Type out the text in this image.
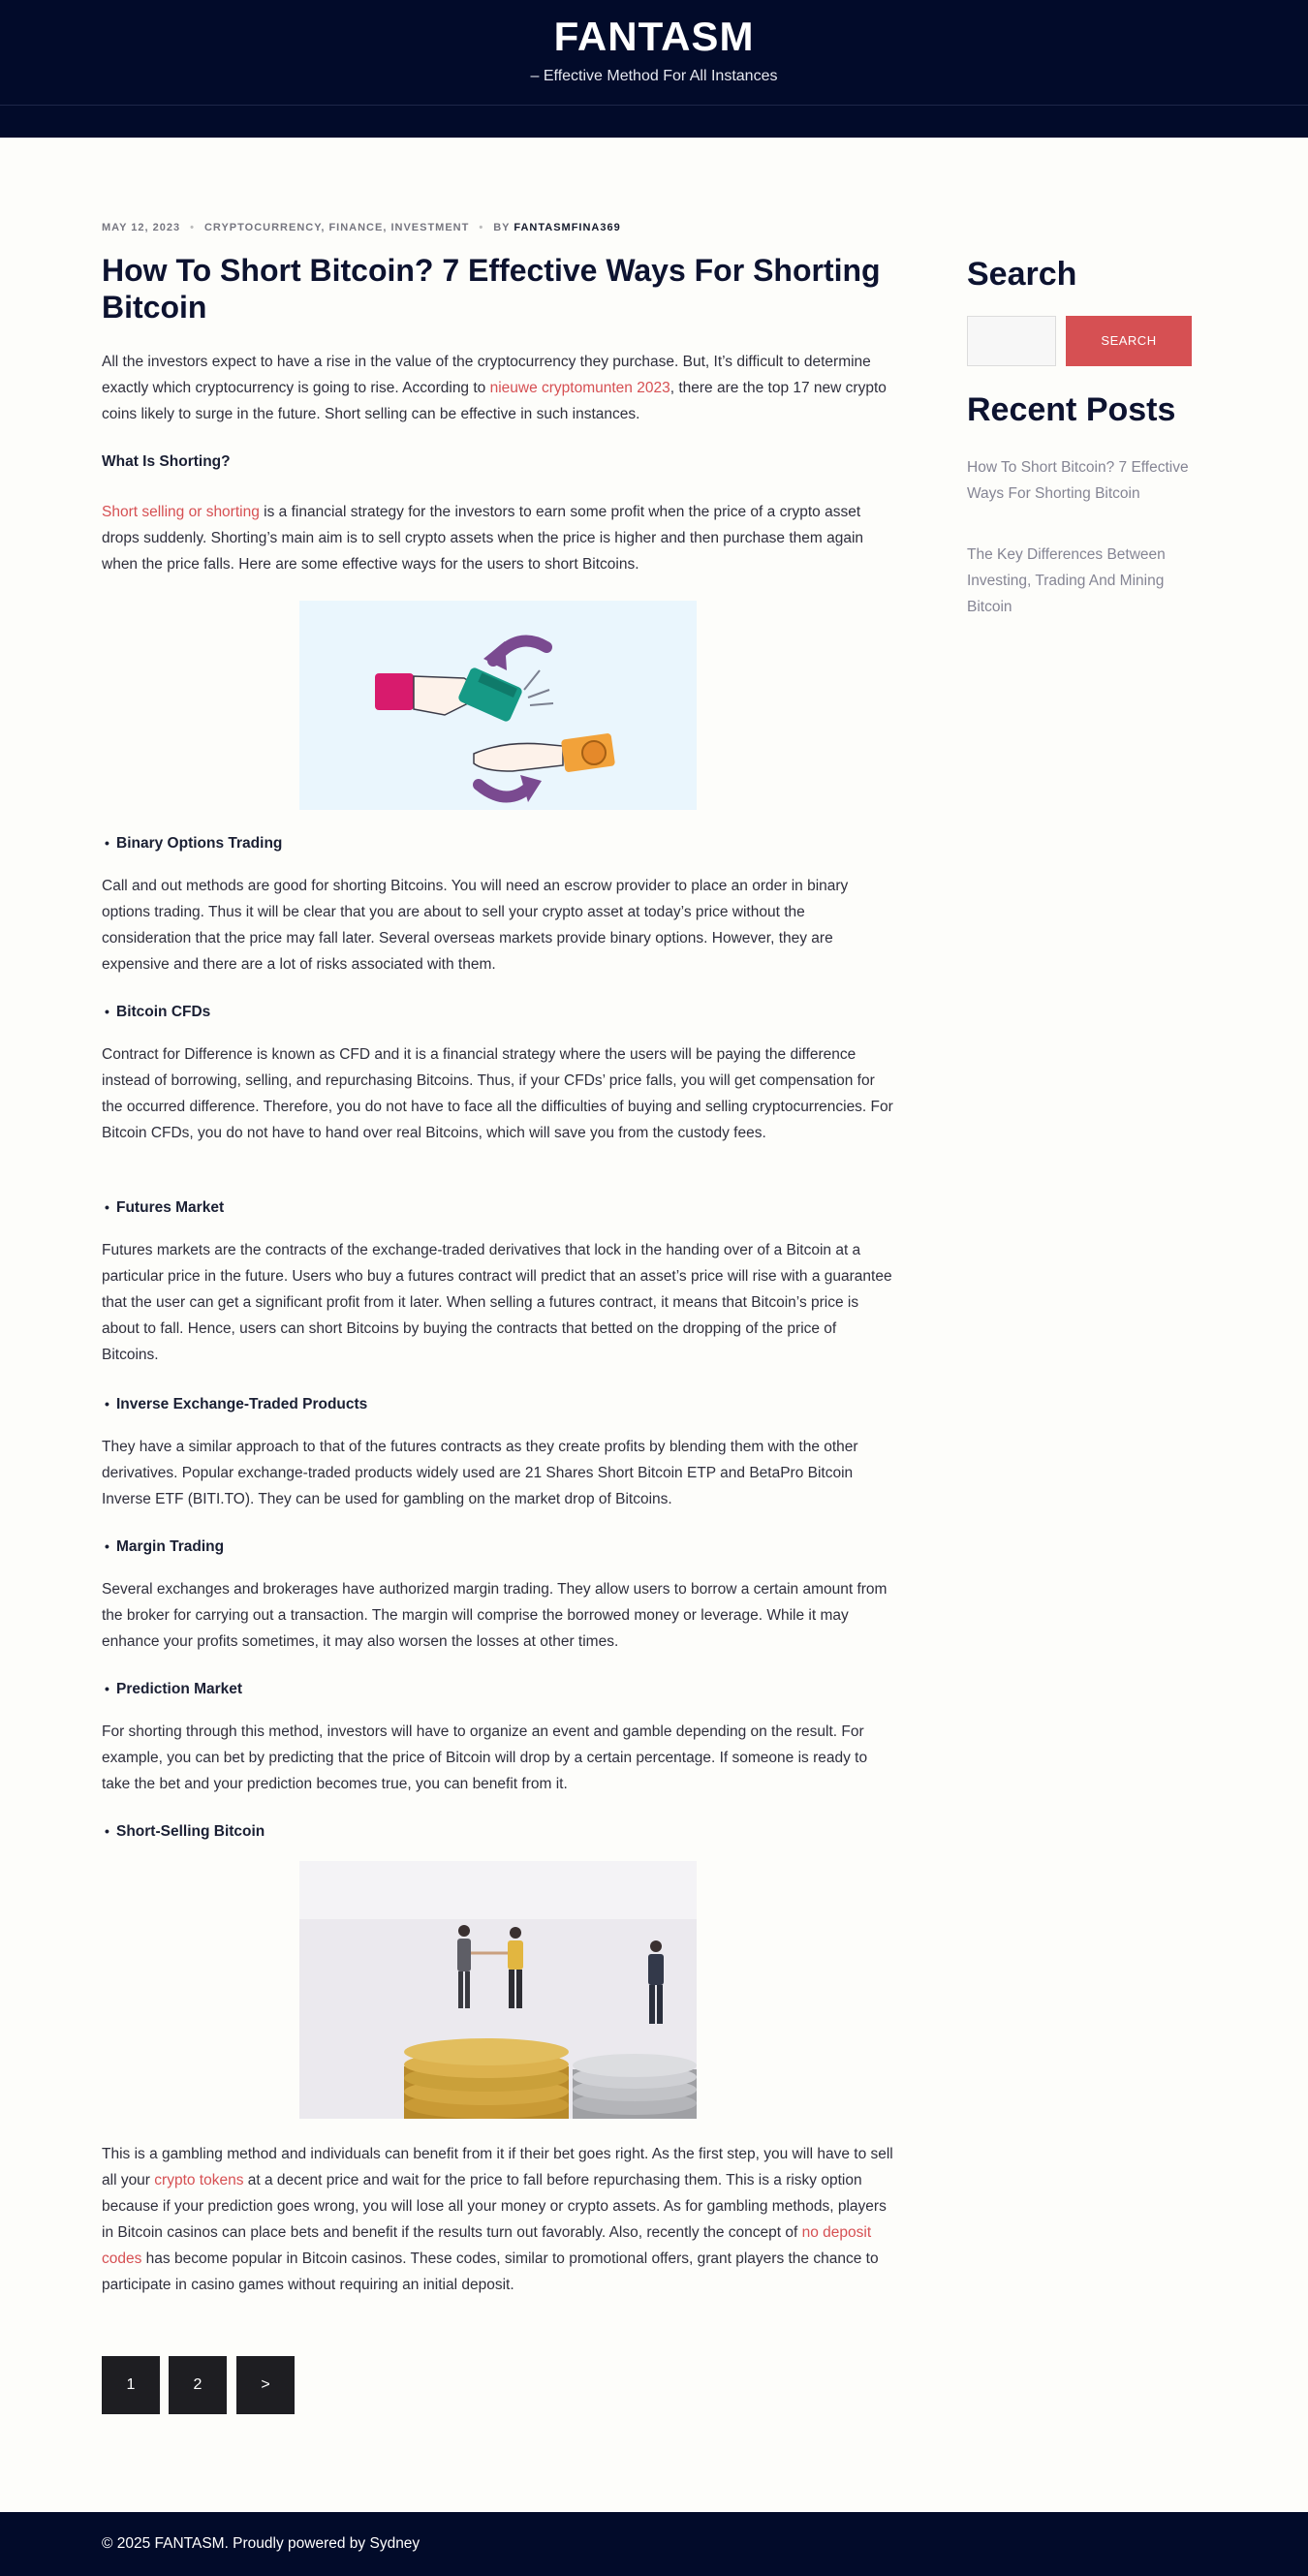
FANTASM
– Effective Method For All Instances
MAY 12, 2023 • CRYPTOCURRENCY, FINANCE, INVESTMENT • BY FANTASMFINA369
How To Short Bitcoin? 7 Effective Ways For Shorting Bitcoin

All the investors expect to have a rise in the value of the cryptocurrency they purchase. But, It’s difficult to determine exactly which cryptocurrency is going to rise. According to nieuwe cryptomunten 2023, there are the top 17 new crypto coins likely to surge in the future. Short selling can be effective in such instances.

What Is Shorting?

Short selling or shorting is a financial strategy for the investors to earn some profit when the price of a crypto asset drops suddenly. Shorting’s main aim is to sell crypto assets when the price is higher and then purchase them again when the price falls. Here are some effective ways for the users to short Bitcoins.

• Binary Options Trading

Call and out methods are good for shorting Bitcoins. You will need an escrow provider to place an order in binary options trading. Thus it will be clear that you are about to sell your crypto asset at today’s price without the consideration that the price may fall later. Several overseas markets provide binary options. However, they are expensive and there are a lot of risks associated with them.

• Bitcoin CFDs

Contract for Difference is known as CFD and it is a financial strategy where the users will be paying the difference instead of borrowing, selling, and repurchasing Bitcoins. Thus, if your CFDs’ price falls, you will get compensation for the occurred difference. Therefore, you do not have to face all the difficulties of buying and selling cryptocurrencies. For Bitcoin CFDs, you do not have to hand over real Bitcoins, which will save you from the custody fees.

• Futures Market

Futures markets are the contracts of the exchange-traded derivatives that lock in the handing over of a Bitcoin at a particular price in the future. Users who buy a futures contract will predict that an asset’s price will rise with a guarantee that the user can get a significant profit from it later. When selling a futures contract, it means that Bitcoin’s price is about to fall. Hence, users can short Bitcoins by buying the contracts that betted on the dropping of the price of Bitcoins.

• Inverse Exchange-Traded Products

They have a similar approach to that of the futures contracts as they create profits by blending them with the other derivatives. Popular exchange-traded products widely used are 21 Shares Short Bitcoin ETP and BetaPro Bitcoin Inverse ETF (BITI.TO). They can be used for gambling on the market drop of Bitcoins.

• Margin Trading

Several exchanges and brokerages have authorized margin trading. They allow users to borrow a certain amount from the broker for carrying out a transaction. The margin will comprise the borrowed money or leverage. While it may enhance your profits sometimes, it may also worsen the losses at other times.

• Prediction Market

For shorting through this method, investors will have to organize an event and gamble depending on the result. For example, you can bet by predicting that the price of Bitcoin will drop by a certain percentage. If someone is ready to take the bet and your prediction becomes true, you can benefit from it.

• Short-Selling Bitcoin

This is a gambling method and individuals can benefit from it if their bet goes right. As the first step, you will have to sell all your crypto tokens at a decent price and wait for the price to fall before repurchasing them. This is a risky option because if your prediction goes wrong, you will lose all your money or crypto assets. As for gambling methods, players in Bitcoin casinos can place bets and benefit if the results turn out favorably. Also, recently the concept of no deposit codes has become popular in Bitcoin casinos. These codes, similar to promotional offers, grant players the chance to participate in casino games without requiring an initial deposit.

1	2	>
Search
SEARCH
Recent Posts
How To Short Bitcoin? 7 Effective Ways For Shorting Bitcoin
The Key Differences Between Investing, Trading And Mining Bitcoin
© 2025 FANTASM. Proudly powered by Sydney
